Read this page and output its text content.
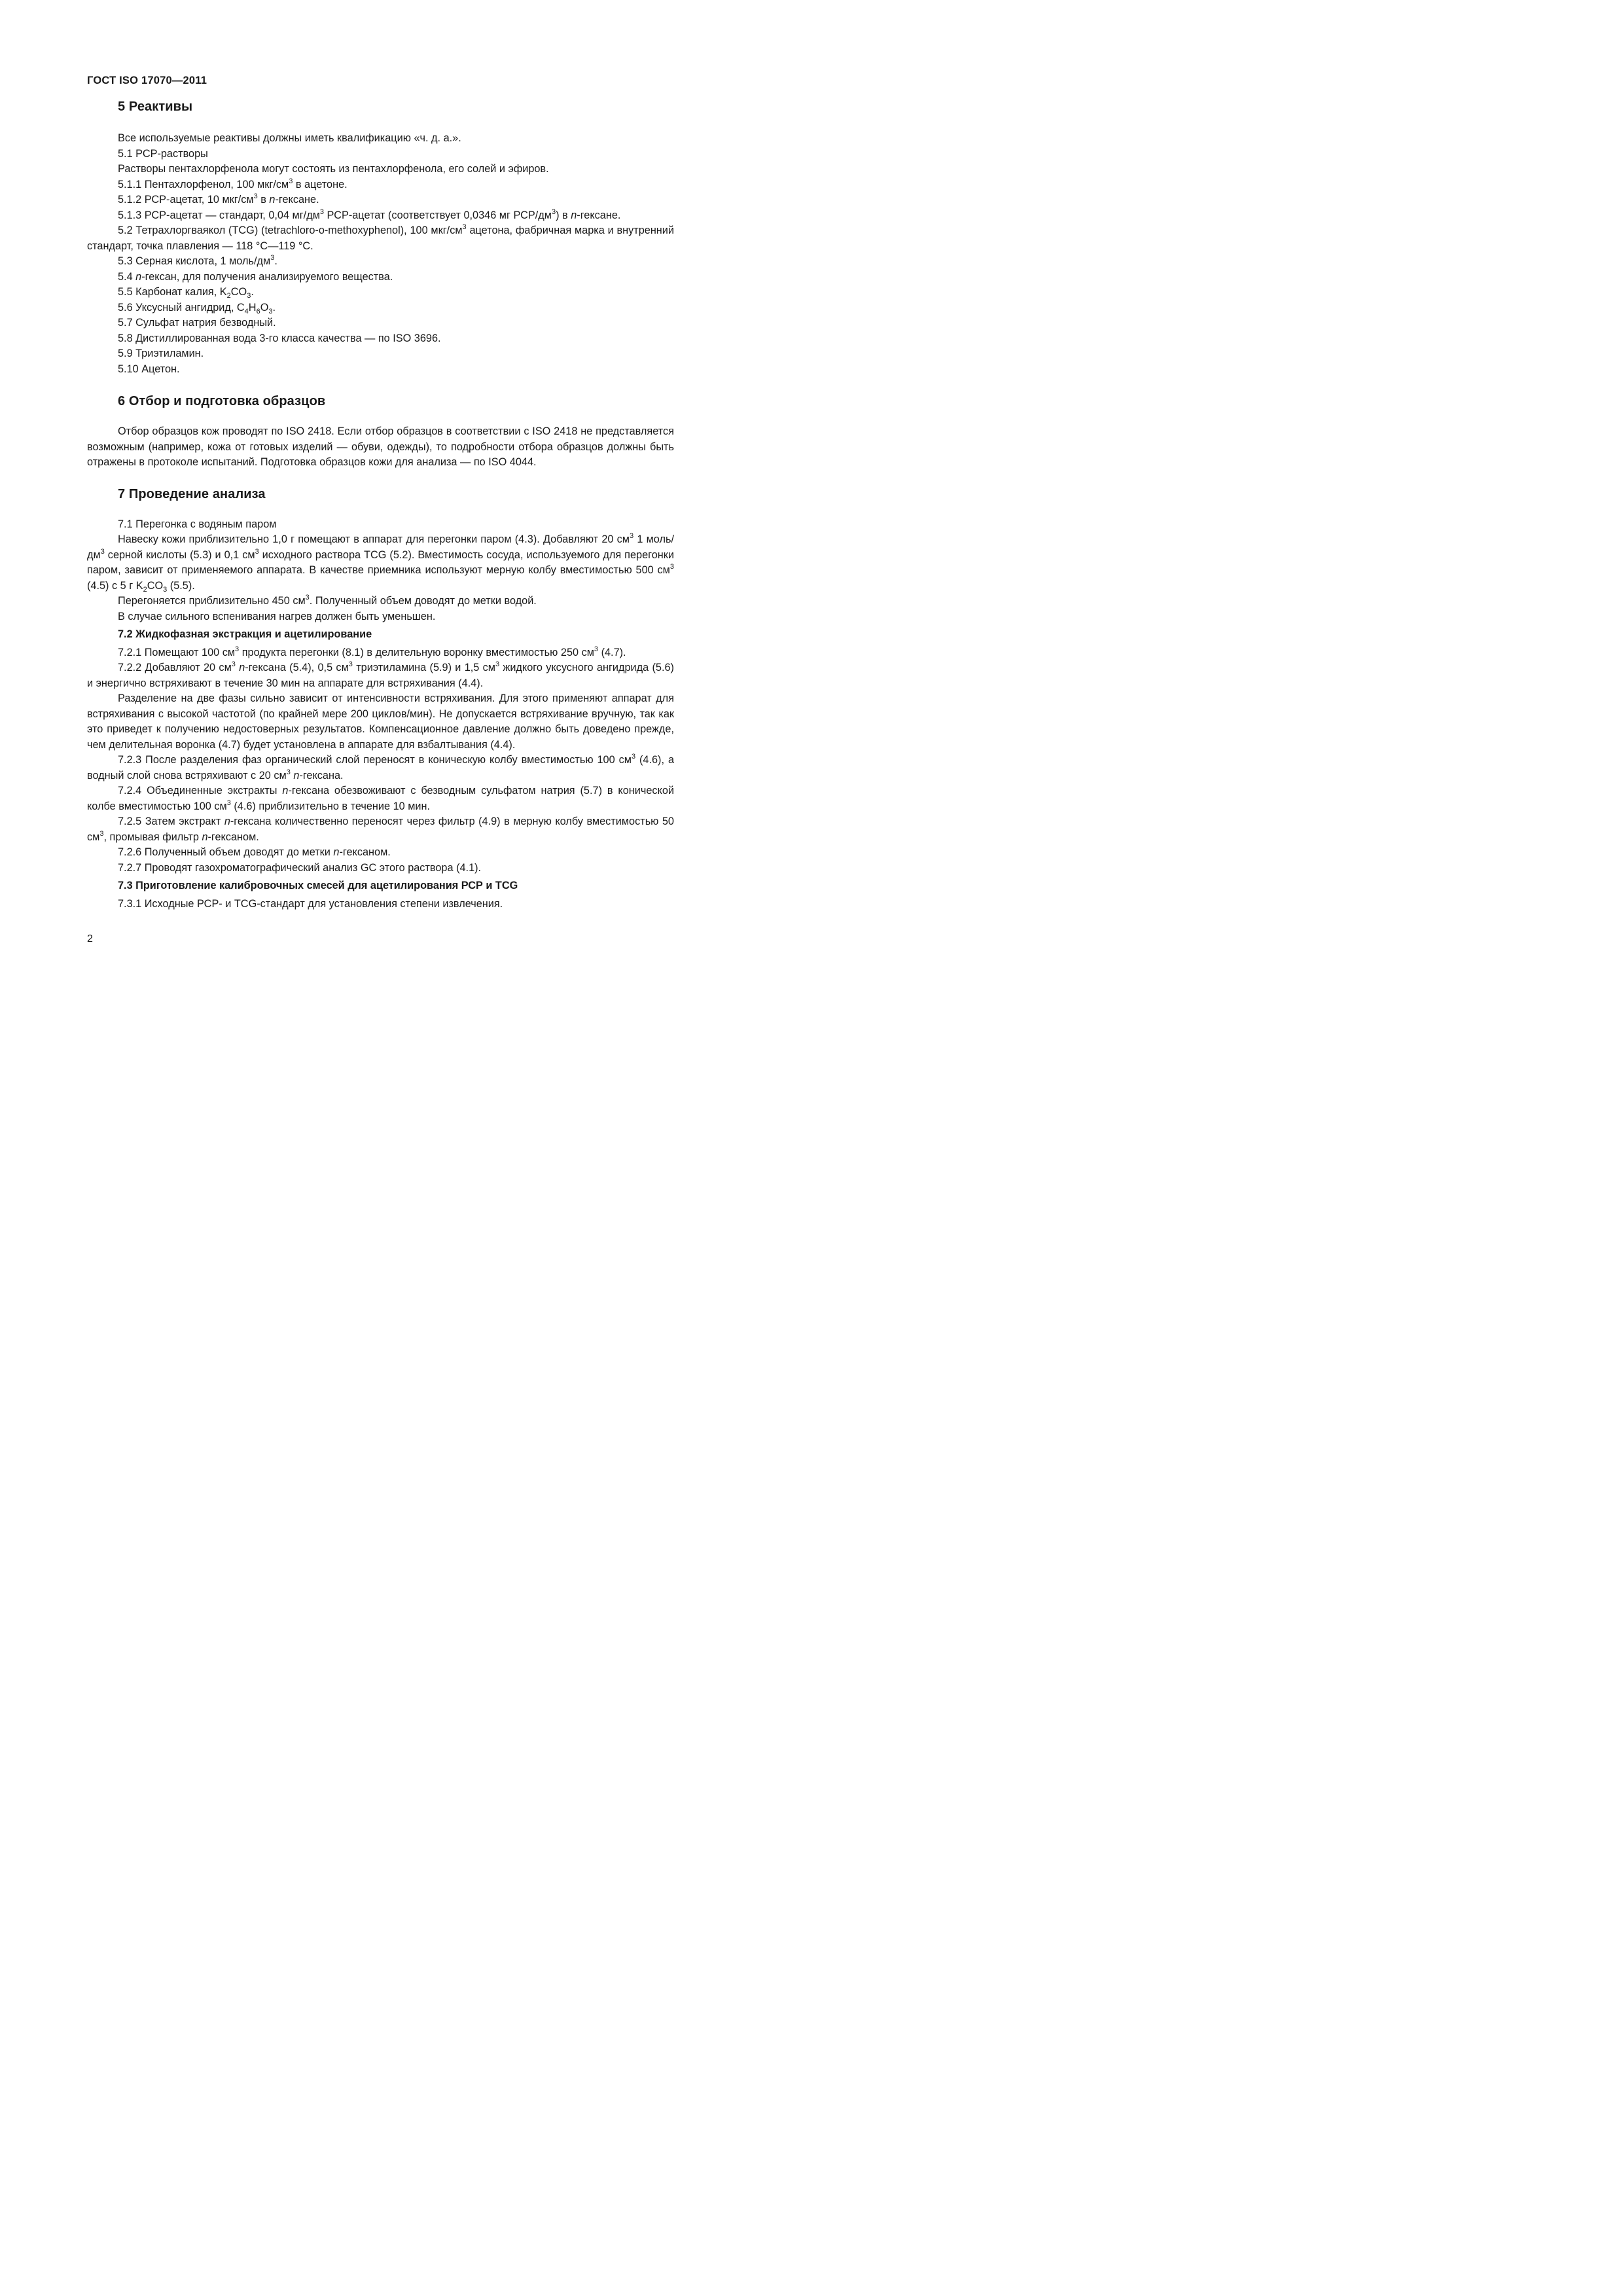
ГОСТ ISO 17070—2011
5 Реактивы

Все используемые реактивы должны иметь квалификацию «ч. д. а.».

5.1 РСР-растворы

Растворы пентахлорфенола могут состоять из пентахлорфенола, его солей и эфиров.

5.1.1 Пентахлорфенол, 100 мкг/$см^3$ в ацетоне.

5.1.2 РСР-ацетат, 10 мкг/$см^3$ в n-гексане.

5.1.3 РСР-ацетат — стандарт, 0,04 $мг/дм^3$ РСР-ацетат (соответствует 0,0346 мг РСР/$дм^3$) в n-гексане.

5.2 Тетрахлоргваякол (TCG) (tetrachloro-o-methoxyphenol), 100 мкг/$см^3$ ацетона, фабричная марка и внутренний стандарт, точка плавления — 118 °С—119 °С.

5.3 Серная кислота, 1 моль/$дм^3$.

5.4 n-гексан, для получения анализируемого вещества.

5.5 Карбонат калия, $K_2CO_3$.

5.6 Уксусный ангидрид, $C_4H_6O_3$.

5.7 Сульфат натрия безводный.

5.8 Дистиллированная вода 3-го класса качества — по ISO 3696.

5.9 Триэтиламин.

5.10 Ацетон.

6 Отбор и подготовка образцов

Отбор образцов кож проводят по ISO 2418. Если отбор образцов в соответствии с ISO 2418 не представляется возможным (например, кожа от готовых изделий — обуви, одежды), то подробности отбора образцов должны быть отражены в протоколе испытаний. Подготовка образцов кожи для анализа — по ISO 4044.

7 Проведение анализа

7.1 Перегонка с водяным паром

Навеску кожи приблизительно 1,0 г помещают в аппарат для перегонки паром (4.3). Добавляют 20 $см^3$ 1 моль/$дм^3$ серной кислоты (5.3) и 0,1 $см^3$ исходного раствора TCG (5.2). Вместимость сосуда, используемого для перегонки паром, зависит от применяемого аппарата. В качестве приемника используют мерную колбу вместимостью 500 $см^3$ (4.5) с 5 г $K_2CO_3$ (5.5).

Перегоняется приблизительно 450 $см^3$. Полученный объем доводят до метки водой.

В случае сильного вспенивания нагрев должен быть уменьшен.

7.2 Жидкофазная экстракция и ацетилирование

7.2.1 Помещают 100 $см^3$ продукта перегонки (8.1) в делительную воронку вместимостью 250 $см^3$ (4.7).

7.2.2 Добавляют 20 $см^3$ n-гексана (5.4), 0,5 $см^3$ триэтиламина (5.9) и 1,5 $см^3$ жидкого уксусного ангидрида (5.6) и энергично встряхивают в течение 30 мин на аппарате для встряхивания (4.4).

Разделение на две фазы сильно зависит от интенсивности встряхивания. Для этого применяют аппарат для встряхивания с высокой частотой (по крайней мере 200 циклов/мин). Не допускается встряхивание вручную, так как это приведет к получению недостоверных результатов. Компенсационное давление должно быть доведено прежде, чем делительная воронка (4.7) будет установлена в аппарате для взбалтывания (4.4).

7.2.3 После разделения фаз органический слой переносят в коническую колбу вместимостью 100 $см^3$ (4.6), а водный слой снова встряхивают с 20 $см^3$ n-гексана.

7.2.4 Объединенные экстракты n-гексана обезвоживают с безводным сульфатом натрия (5.7) в конической колбе вместимостью 100 $см^3$ (4.6) приблизительно в течение 10 мин.

7.2.5 Затем экстракт n-гексана количественно переносят через фильтр (4.9) в мерную колбу вместимостью 50 $см^3$, промывая фильтр n-гексаном.

7.2.6 Полученный объем доводят до метки n-гексаном.

7.2.7 Проводят газохроматографический анализ GC этого раствора (4.1).

7.3 Приготовление калибровочных смесей для ацетилирования РСР и TCG

7.3.1 Исходные РСР- и TCG-стандарт для установления степени извлечения.

2
